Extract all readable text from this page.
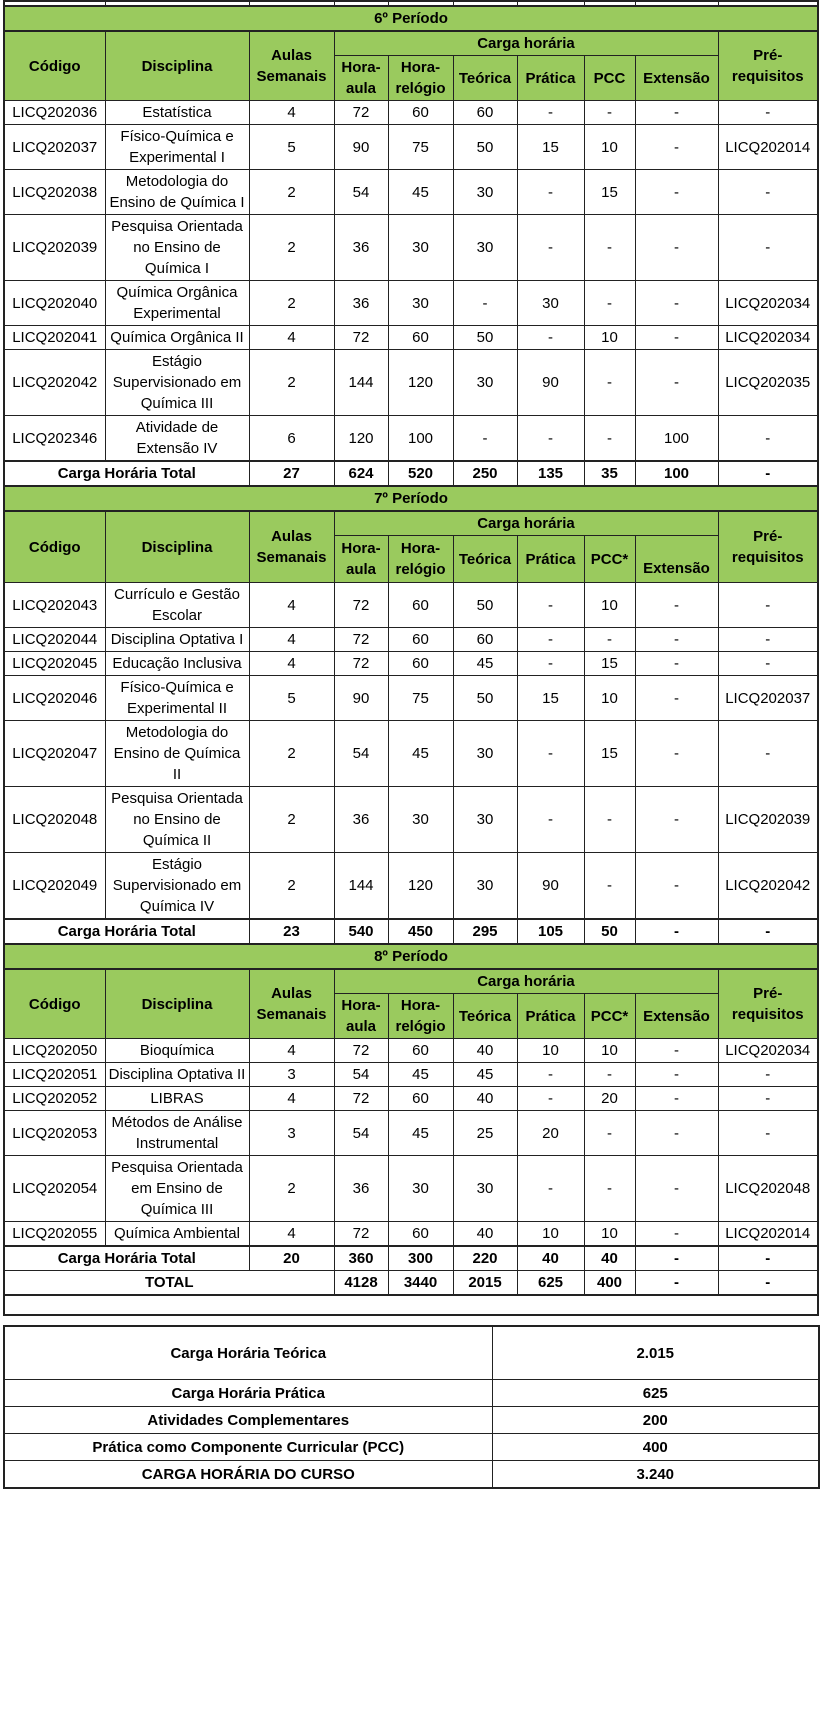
6º Período									
Código	Disciplina	Aulas Semanais	Carga horária						Pré-requisitos
			Hora-aula	Hora-relógio	Teórica	Prática	PCC	Extensão	
LICQ202036	Estatística	4	72	60	60	-	-	-	-
LICQ202037	Físico-Química e Experimental I	5	90	75	50	15	10	-	LICQ202014
LICQ202038	Metodologia do Ensino de Química I	2	54	45	30	-	15	-	-
LICQ202039	Pesquisa Orientada no Ensino de Química I	2	36	30	30	-	-	-	-
LICQ202040	Química Orgânica Experimental	2	36	30	-	30	-	-	LICQ202034
LICQ202041	Química Orgânica II	4	72	60	50	-	10	-	LICQ202034
LICQ202042	Estágio Supervisionado em Química III	2	144	120	30	90	-	-	LICQ202035
LICQ202346	Atividade de Extensão IV	6	120	100	-	-	-	100	-
Carga Horária Total		27	624	520	250	135	35	100	-
7º Período									
Código	Disciplina	Aulas Semanais	Carga horária						Pré-requisitos
			Hora-aula	Hora-relógio	Teórica	Prática	PCC*	Extensão	
LICQ202043	Currículo e Gestão Escolar	4	72	60	50	-	10	-	-
LICQ202044	Disciplina Optativa I	4	72	60	60	-	-	-	-
LICQ202045	Educação Inclusiva	4	72	60	45	-	15	-	-
LICQ202046	Físico-Química e Experimental II	5	90	75	50	15	10	-	LICQ202037
LICQ202047	Metodologia do Ensino de Química II	2	54	45	30	-	15	-	-
LICQ202048	Pesquisa Orientada no Ensino de Química II	2	36	30	30	-	-	-	LICQ202039
LICQ202049	Estágio Supervisionado em Química IV	2	144	120	30	90	-	-	LICQ202042
Carga Horária Total		23	540	450	295	105	50	-	-
8º Período									
Código	Disciplina	Aulas Semanais	Carga horária						Pré-requisitos
			Hora-aula	Hora-relógio	Teórica	Prática	PCC*	Extensão	
LICQ202050	Bioquímica	4	72	60	40	10	10	-	LICQ202034
LICQ202051	Disciplina Optativa II	3	54	45	45	-	-	-	-
LICQ202052	LIBRAS	4	72	60	40	-	20	-	-
LICQ202053	Métodos de Análise Instrumental	3	54	45	25	20	-	-	-
LICQ202054	Pesquisa Orientada em Ensino de Química III	2	36	30	30	-	-	-	LICQ202048
LICQ202055	Química Ambiental	4	72	60	40	10	10	-	LICQ202014
Carga Horária Total		20	360	300	220	40	40	-	-
TOTAL			4128	3440	2015	625	400	-	-

Carga Horária Teórica	2.015
Carga Horária Prática	625
Atividades Complementares	200
Prática como Componente Curricular (PCC)	400
CARGA HORÁRIA DO CURSO	3.240
